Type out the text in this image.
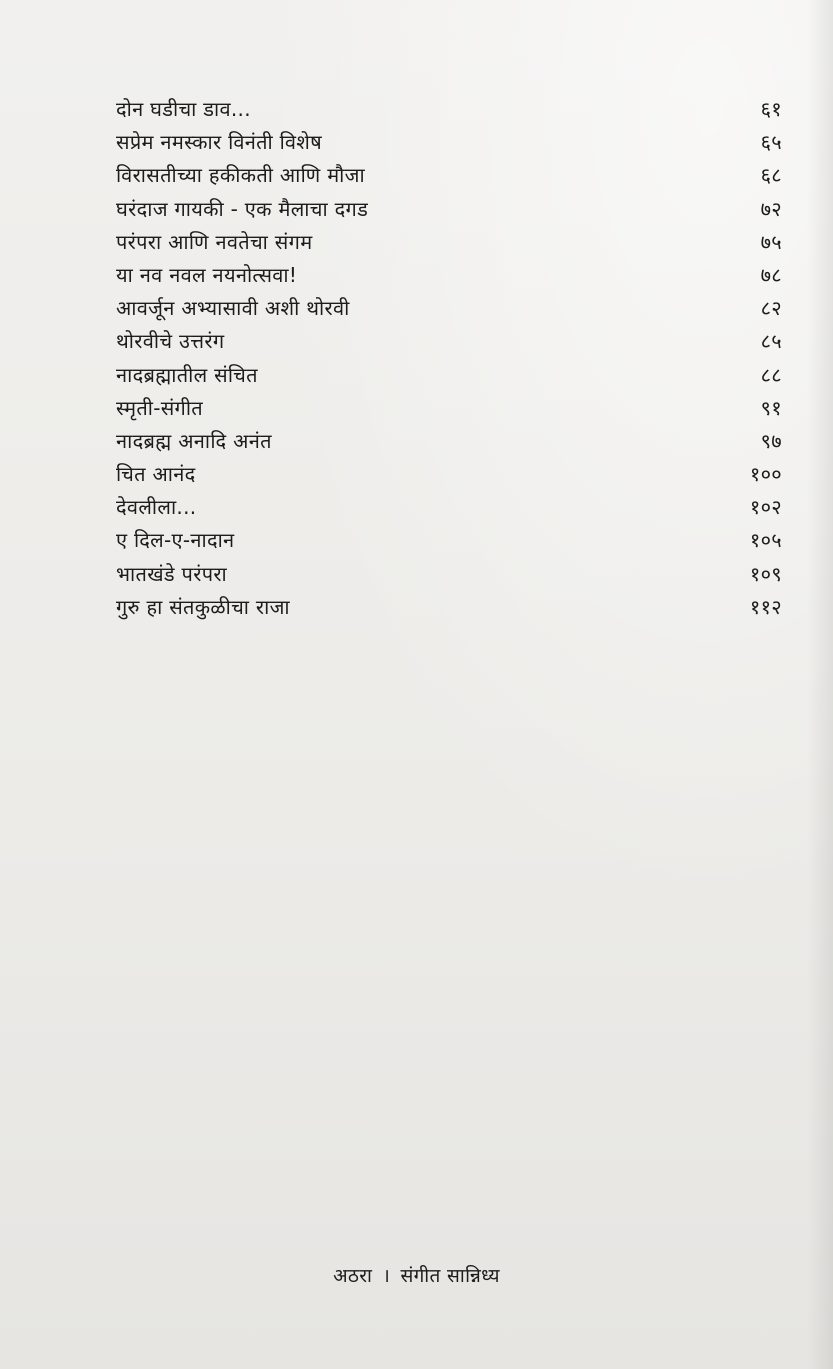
दोन घडीचा डाव...	६१
सप्रेम नमस्कार विनंती विशेष	६५
विरासतीच्या हकीकती आणि मौजा	६८
घरंदाज गायकी - एक मैलाचा दगड	७२
परंपरा आणि नवतेचा संगम	७५
या नव नवल नयनोत्सवा!	७८
आवर्जून अभ्यासावी अशी थोरवी	८२
थोरवीचे उत्तरंग	८५
नादब्रह्मातील संचित	८८
स्मृती-संगीत	९१
नादब्रह्म अनादि अनंत	९७
चित आनंद	१००
देवलीला...	१०२
ए दिल-ए-नादान	१०५
भातखंडे परंपरा	१०९
गुरु हा संतकुळीचा राजा	११२
अठरा । संगीत सान्निध्य
